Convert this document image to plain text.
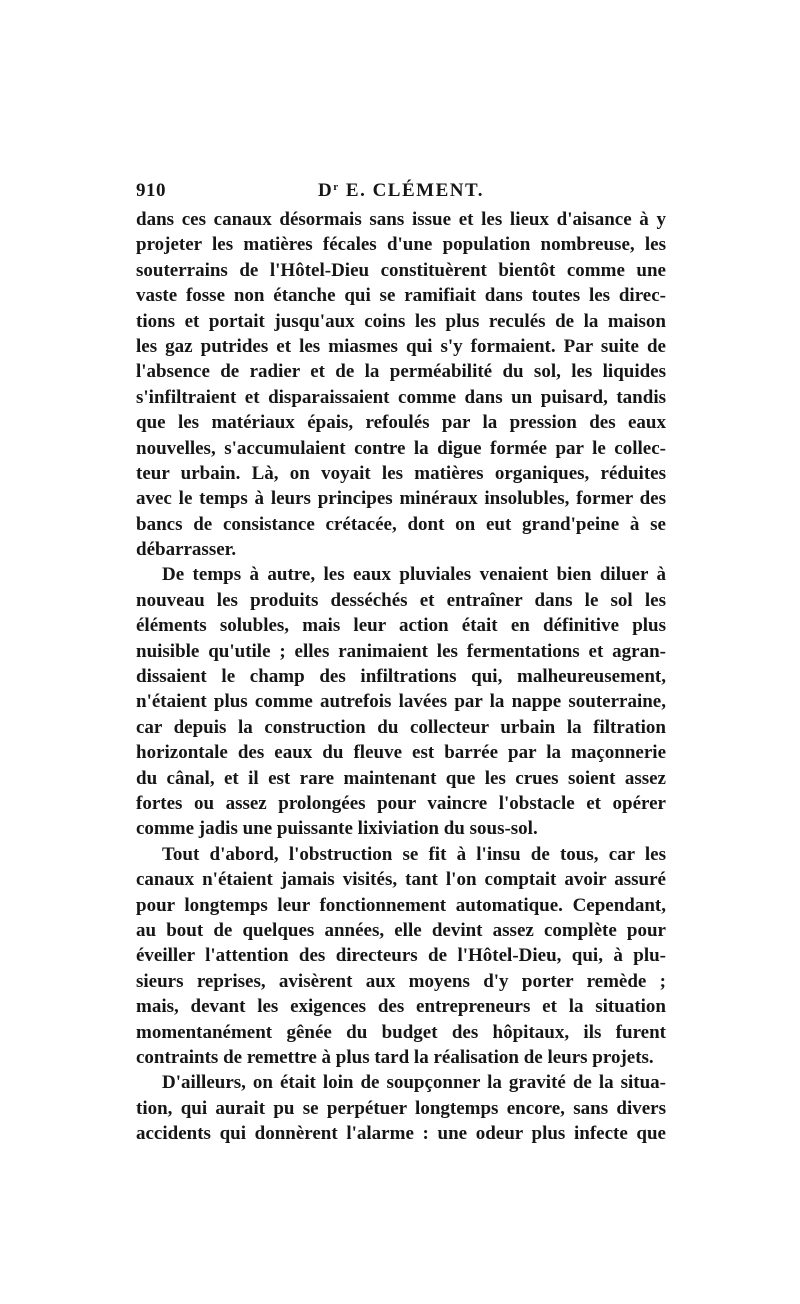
910	$D^r$ E. CLÉMENT.
dans ces canaux désormais sans issue et les lieux d'aisance à y
projeter les matières fécales d'une population nombreuse, les
souterrains de l'Hôtel-Dieu constituèrent bientôt comme une
vaste fosse non étanche qui se ramifiait dans toutes les direc-
tions et portait jusqu'aux coins les plus reculés de la maison
les gaz putrides et les miasmes qui s'y formaient. Par suite de
l'absence de radier et de la perméabilité du sol, les liquides
s'infiltraient et disparaissaient comme dans un puisard, tandis
que les matériaux épais, refoulés par la pression des eaux
nouvelles, s'accumulaient contre la digue formée par le collec-
teur urbain. Là, on voyait les matières organiques, réduites
avec le temps à leurs principes minéraux insolubles, former des
bancs de consistance crétacée, dont on eut grand'peine à se
débarrasser.
De temps à autre, les eaux pluviales venaient bien diluer à
nouveau les produits desséchés et entraîner dans le sol les
éléments solubles, mais leur action était en définitive plus
nuisible qu'utile ; elles ranimaient les fermentations et agran-
dissaient le champ des infiltrations qui, malheureusement,
n'étaient plus comme autrefois lavées par la nappe souterraine,
car depuis la construction du collecteur urbain la filtration
horizontale des eaux du fleuve est barrée par la maçonnerie
du cânal, et il est rare maintenant que les crues soient assez
fortes ou assez prolongées pour vaincre l'obstacle et opérer
comme jadis une puissante lixiviation du sous-sol.
Tout d'abord, l'obstruction se fit à l'insu de tous, car les
canaux n'étaient jamais visités, tant l'on comptait avoir assuré
pour longtemps leur fonctionnement automatique. Cependant,
au bout de quelques années, elle devint assez complète pour
éveiller l'attention des directeurs de l'Hôtel-Dieu, qui, à plu-
sieurs reprises, avisèrent aux moyens d'y porter remède ;
mais, devant les exigences des entrepreneurs et la situation
momentanément gênée du budget des hôpitaux, ils furent
contraints de remettre à plus tard la réalisation de leurs projets.
D'ailleurs, on était loin de soupçonner la gravité de la situa-
tion, qui aurait pu se perpétuer longtemps encore, sans divers
accidents qui donnèrent l'alarme : une odeur plus infecte que
